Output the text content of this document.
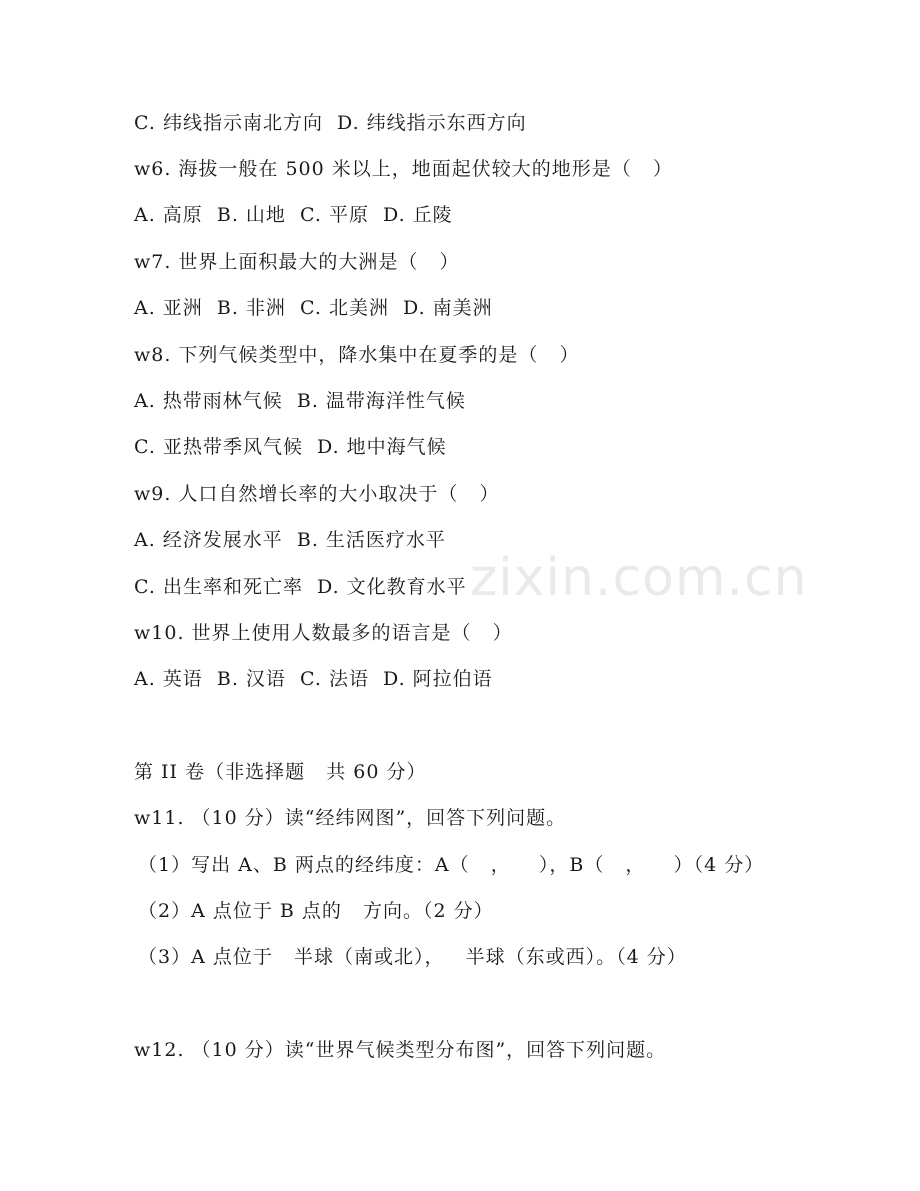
C. 纬线指示南北方向  D. 纬线指示东西方向
w6. 海拔一般在 500 米以上，地面起伏较大的地形是（   ）
A. 高原  B. 山地  C. 平原  D. 丘陵
w7. 世界上面积最大的大洲是（   ）
A. 亚洲  B. 非洲  C. 北美洲  D. 南美洲
w8. 下列气候类型中，降水集中在夏季的是（   ）
A. 热带雨林气候  B. 温带海洋性气候
C. 亚热带季风气候  D. 地中海气候
w9. 人口自然增长率的大小取决于（   ）
A. 经济发展水平  B. 生活医疗水平
C. 出生率和死亡率  D. 文化教育水平
w10. 世界上使用人数最多的语言是（   ）
A. 英语  B. 汉语  C. 法语  D. 阿拉伯语
第 II 卷（非选择题   共 60 分）
w11. （10 分）读“经纬网图”，回答下列问题。
（1）写出 A、B 两点的经纬度：A（   ，    ），B（   ，    ）（4 分）
（2）A 点位于 B 点的   方向。（2 分）
（3）A 点位于   半球（南或北），   半球（东或西）。（4 分）
w12. （10 分）读“世界气候类型分布图”，回答下列问题。
zixin.com.cn
